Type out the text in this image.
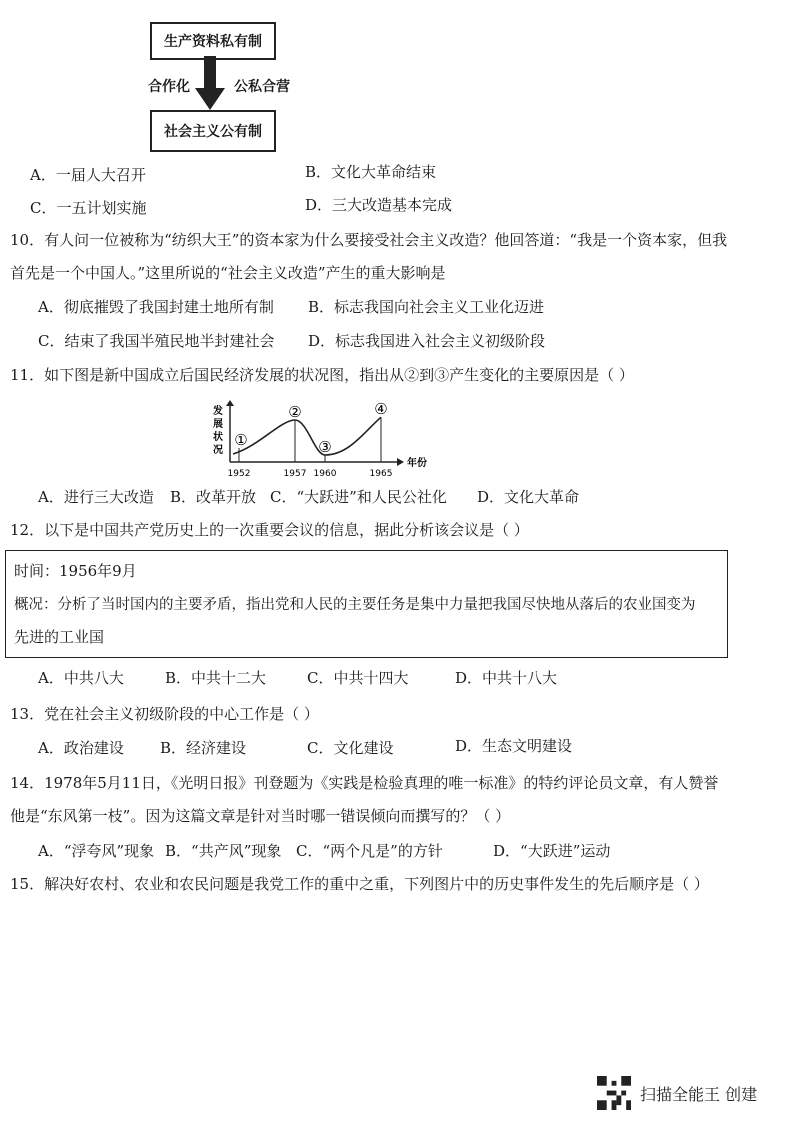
生产资料私有制
合作化	公私合营
社会主义公有制
A．一届人大召开	B．文化大革命结束
C．一五计划实施	D．三大改造基本完成
10．有人问一位被称为“纺织大王”的资本家为什么要接受社会主义改造？他回答道：“我是一个资本家，但我
首先是一个中国人。”这里所说的“社会主义改造”产生的重大影响是
A．彻底摧毁了我国封建土地所有制 B．标志我国向社会主义工业化迈进
C．结束了我国半殖民地半封建社会 D．标志我国进入社会主义初级阶段
11．如下图是新中国成立后国民经济发展的状况图，指出从②到③产生变化的主要原因是（ ）
发
展
状
况
年份
①
1952
②
1957
③
1960
④
1965
A．进行三大改造 B．改革开放 C．“大跃进”和人民公社化 D．文化大革命
12．以下是中国共产党历史上的一次重要会议的信息，据此分析该会议是（ ）
时间：1956年9月
概况：分析了当时国内的主要矛盾，指出党和人民的主要任务是集中力量把我国尽快地从落后的农业国变为
先进的工业国
A．中共八大	B．中共十二大	C．中共十四大	D．中共十八大
13．党在社会主义初级阶段的中心工作是（ ）
A．政治建设 B．经济建设	C．文化建设	D．生态文明建设
14．1978年5月11日，《光明日报》刊登题为《实践是检验真理的唯一标准》的特约评论员文章，有人赞誉
他是“东风第一枝”。因为这篇文章是针对当时哪一错误倾向而撰写的？（ ）
A．“浮夸风”现象 B．“共产风”现象 C．“两个凡是”的方针	D．“大跃进”运动
15．解决好农村、农业和农民问题是我党工作的重中之重，下列图片中的历史事件发生的先后顺序是（ ）
扫描全能王 创建
